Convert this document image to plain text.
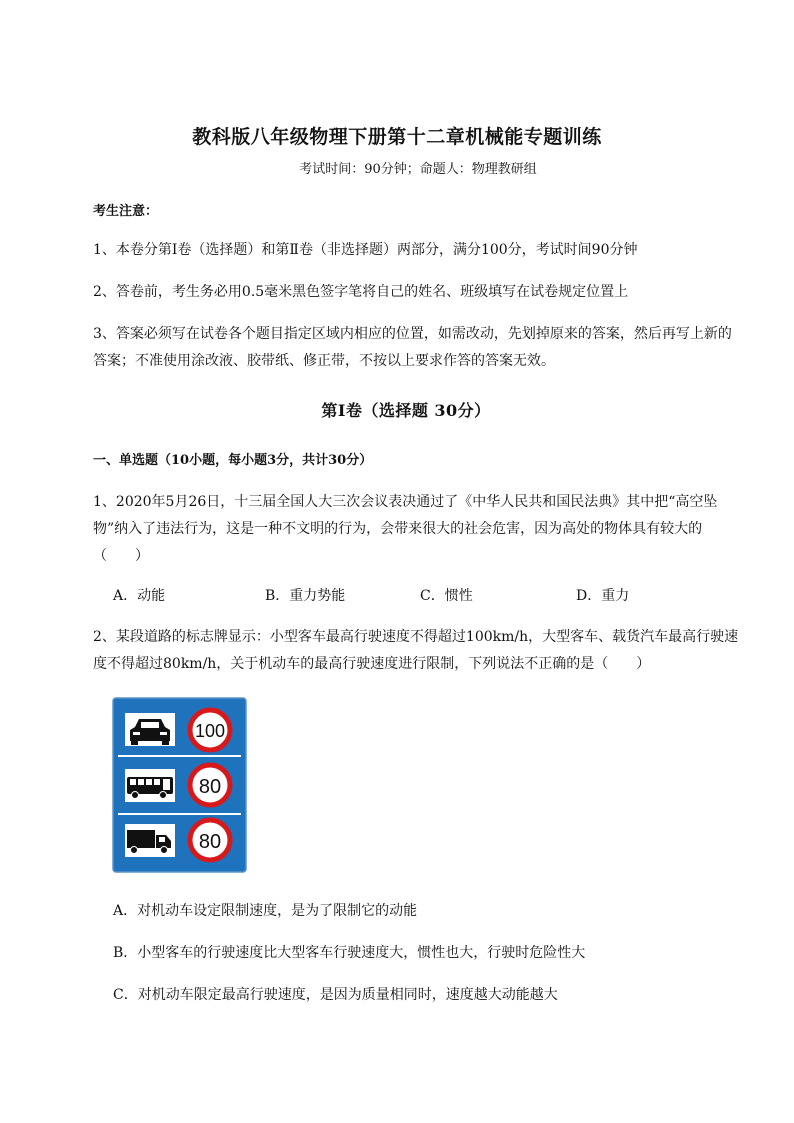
教科版八年级物理下册第十二章机械能专题训练
考试时间：90分钟；命题人：物理教研组
考生注意：

1、本卷分第I卷（选择题）和第Ⅱ卷（非选择题）两部分，满分100分，考试时间90分钟

2、答卷前，考生务必用0.5毫米黑色签字笔将自己的姓名、班级填写在试卷规定位置上

3、答案必须写在试卷各个题目指定区域内相应的位置，如需改动，先划掉原来的答案，然后再写上新的答案；不准使用涂改液、胶带纸、修正带，不按以上要求作答的答案无效。

第I卷（选择题 30分）

一、单选题（10小题，每小题3分，共计30分）

1、2020年5月26日，十三届全国人大三次会议表决通过了《中华人民共和国民法典》其中把“高空坠物”纳入了违法行为，这是一种不文明的行为，会带来很大的社会危害，因为高处的物体具有较大的（　　）

A．动能	B．重力势能	C．惯性	D．重力

2、某段道路的标志牌显示：小型客车最高行驶速度不得超过100km/h，大型客车、载货汽车最高行驶速度不得超过80km/h，关于机动车的最高行驶速度进行限制，下列说法不正确的是（　　）

100
80
80
A．对机动车设定限制速度，是为了限制它的动能
B．小型客车的行驶速度比大型客车行驶速度大，惯性也大，行驶时危险性大
C．对机动车限定最高行驶速度，是因为质量相同时，速度越大动能越大
